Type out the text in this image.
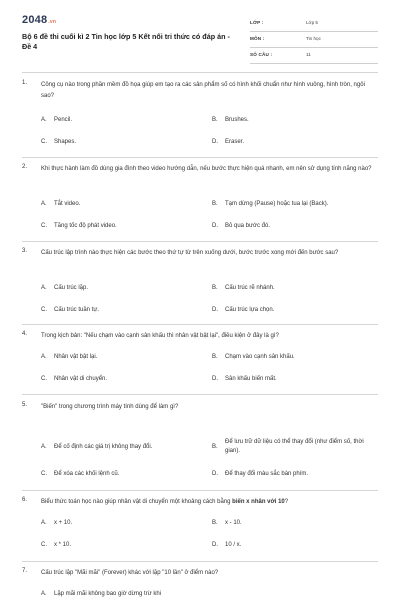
2048.vn
Bộ 6 đề thi cuối kì 2 Tin học lớp 5 Kết nối tri thức có đáp án - Đề 4
LỚP :	Lớp 5
MÔN :	Tin học
SỐ CÂU :	11
1. Công cụ nào trong phần mềm đồ họa giúp em tạo ra các sản phẩm số có hình khối chuẩn như hình vuông, hình tròn, ngôi sao?
A. Pencil.	B. Brushes.
C. Shapes.	D. Eraser.
2. Khi thực hành làm đồ dùng gia đình theo video hướng dẫn, nếu bước thực hiện quá nhanh, em nên sử dụng tính năng nào?
A. Tắt video.	B. Tạm dừng (Pause) hoặc tua lại (Back).
C. Tăng tốc độ phát video.	D. Bỏ qua bước đó.
3. Cấu trúc lập trình nào thực hiện các bước theo thứ tự từ trên xuống dưới, bước trước xong mới đến bước sau?
A. Cấu trúc lặp.	B. Cấu trúc rẽ nhánh.
C. Cấu trúc tuần tự.	D. Cấu trúc lựa chọn.
4. Trong kịch bản: "Nếu chạm vào cạnh sân khấu thì nhân vật bật lại", điều kiện ở đây là gì?
A. Nhân vật bật lại.	B. Chạm vào cạnh sân khấu.
C. Nhân vật di chuyển.	D. Sân khấu biến mất.
5. "Biến" trong chương trình máy tính dùng để làm gì?
A. Để cố định các giá trị không thay đổi.	B.
Để lưu trữ dữ liệu có thể thay đổi (như điểm số, thời gian).
C. Để xóa các khối lệnh cũ.	D. Để thay đổi màu sắc bàn phím.
6. Biểu thức toán học nào giúp nhân vật di chuyển một khoảng cách bằng biến x nhân với 10?
A. x + 10.	B. x - 10.
C. x * 10.	D. 10 / x.
7. Cấu trúc lặp "Mãi mãi" (Forever) khác với lặp "10 lần" ở điểm nào?
A. Lặp mãi mãi không bao giờ dừng trừ khi
